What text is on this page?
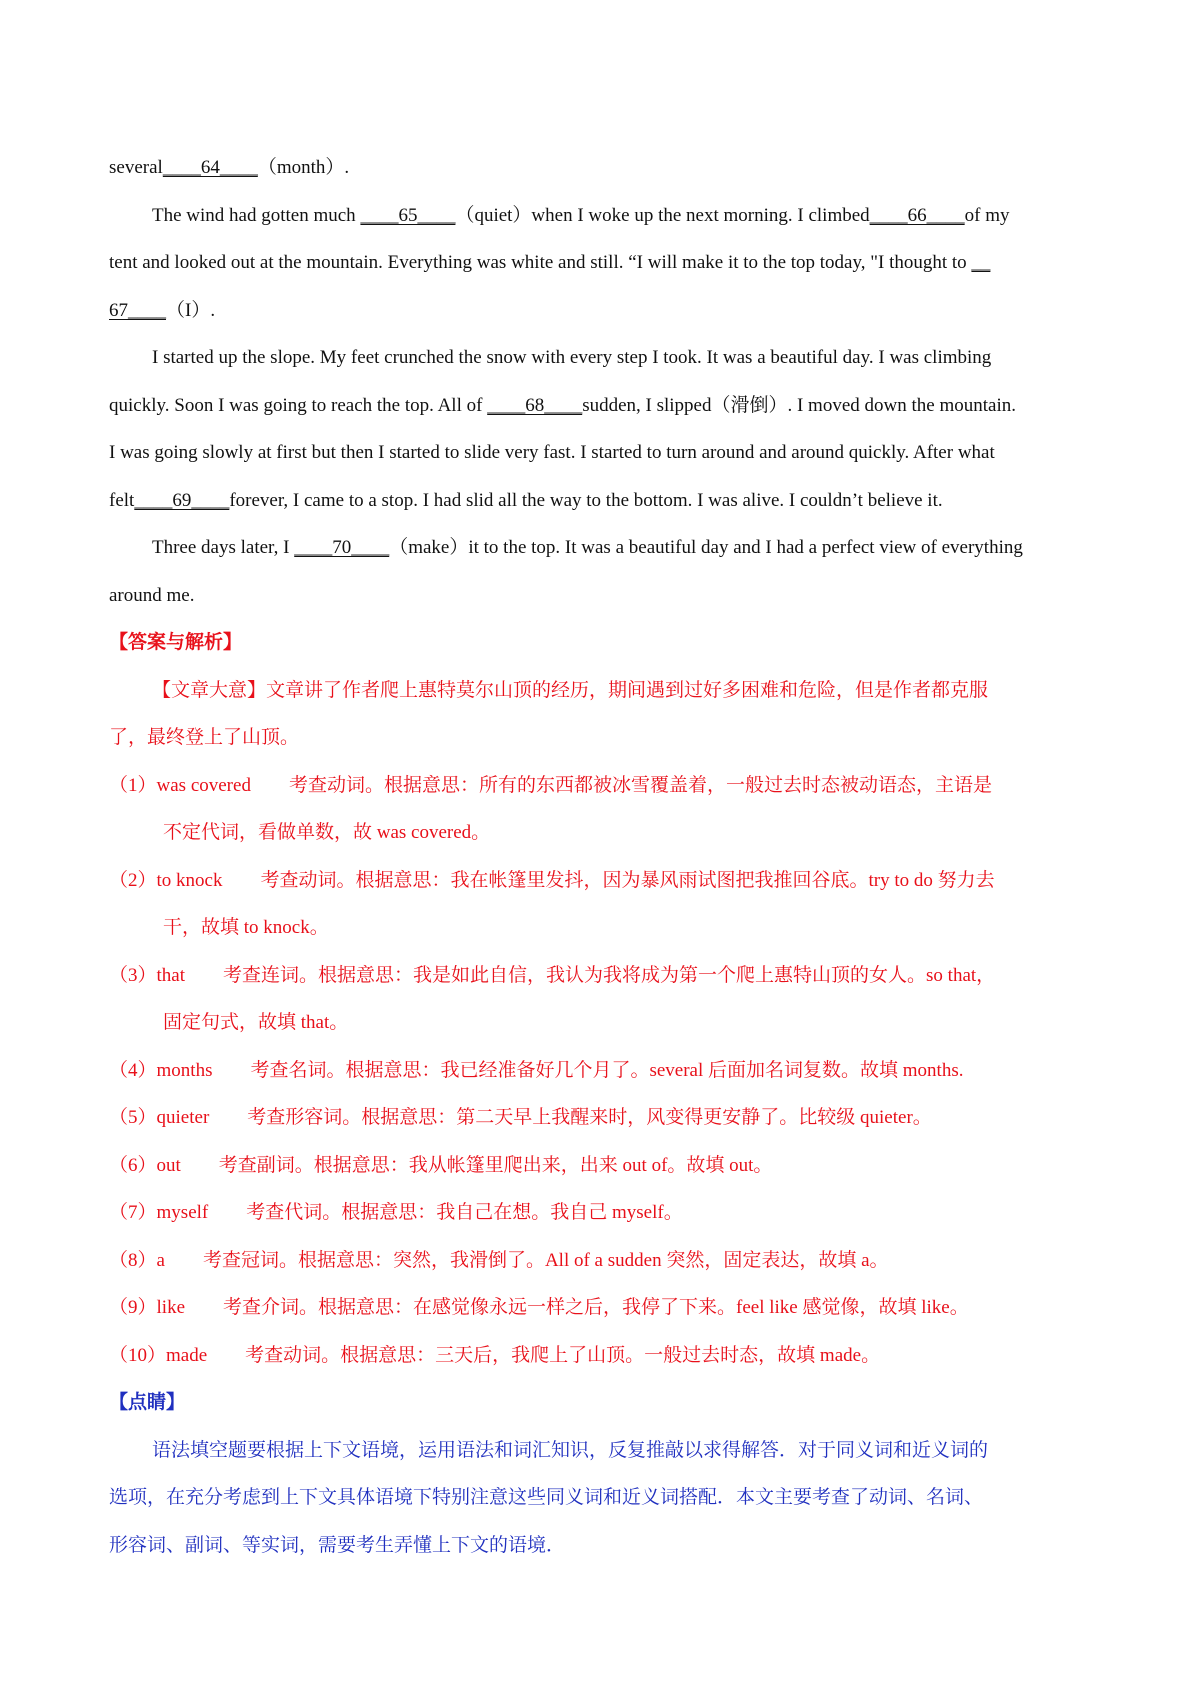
several____64____（month）.
The wind had gotten much ____65____（quiet）when I woke up the next morning. I climbed____66____of my
tent and looked out at the mountain. Everything was white and still. “I will make it to the top today, "I thought to __
67____（I）.
I started up the slope. My feet crunched the snow with every step I took. It was a beautiful day. I was climbing
quickly. Soon I was going to reach the top. All of ____68____sudden, I slipped（滑倒）. I moved down the mountain.
I was going slowly at first but then I started to slide very fast. I started to turn around and around quickly. After what
felt____69____forever, I came to a stop. I had slid all the way to the bottom. I was alive. I couldn’t believe it.
Three days later, I ____70____（make）it to the top. It was a beautiful day and I had a perfect view of everything
around me.
【答案与解析】
【文章大意】文章讲了作者爬上惠特莫尔山顶的经历，期间遇到过好多困难和危险，但是作者都克服
了，最终登上了山顶。
（1）was covered 考查动词。根据意思：所有的东西都被冰雪覆盖着，一般过去时态被动语态，主语是
不定代词，看做单数，故 was covered。
（2）to knock 考查动词。根据意思：我在帐篷里发抖，因为暴风雨试图把我推回谷底。try to do 努力去
干，故填 to knock。
（3）that 考查连词。根据意思：我是如此自信，我认为我将成为第一个爬上惠特山顶的女人。so that，
固定句式，故填 that。
（4）months 考查名词。根据意思：我已经准备好几个月了。several 后面加名词复数。故填 months.
（5）quieter 考查形容词。根据意思：第二天早上我醒来时，风变得更安静了。比较级 quieter。
（6）out 考查副词。根据意思：我从帐篷里爬出来，出来 out of。故填 out。
（7）myself 考查代词。根据意思：我自己在想。我自己 myself。
（8）a 考查冠词。根据意思：突然，我滑倒了。All of a sudden 突然，固定表达，故填 a。
（9）like 考查介词。根据意思：在感觉像永远一样之后，我停了下来。feel like 感觉像，故填 like。
（10）made 考查动词。根据意思：三天后，我爬上了山顶。一般过去时态，故填 made。
【点睛】
语法填空题要根据上下文语境，运用语法和词汇知识，反复推敲以求得解答．对于同义词和近义词的
选项，在充分考虑到上下文具体语境下特别注意这些同义词和近义词搭配．本文主要考查了动词、名词、
形容词、副词、等实词，需要考生弄懂上下文的语境．
